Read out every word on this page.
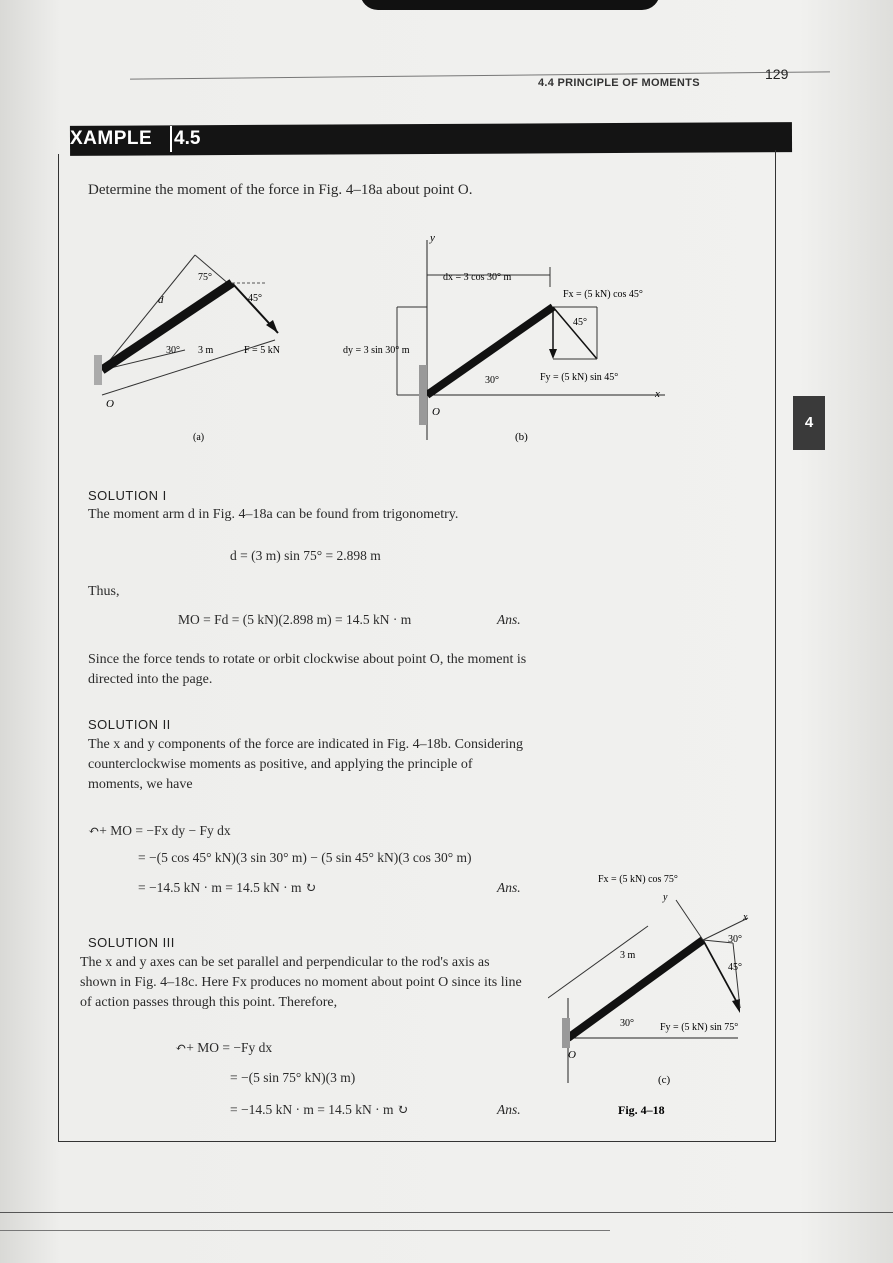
4.4 PRINCIPLE OF MOMENTS
129
XAMPLE 4.5
Determine the moment of the force in Fig. 4–18a about point O.
75°
45°
30° 3 m	F = 5 kN
d
O
(a)
y
x
O
dx = 3 cos 30° m
dy = 3 sin 30° m
Fx = (5 kN) cos 45°
Fy = (5 kN) sin 45°
45°
30°
(b)
4
SOLUTION I
The moment arm d in Fig. 4–18a can be found from trigonometry.
d = (3 m) sin 75° = 2.898 m
Thus,
MO = Fd = (5 kN)(2.898 m) = 14.5 kN · m	Ans.
Since the force tends to rotate or orbit clockwise about point O, the moment is directed into the page.
SOLUTION II
The x and y components of the force are indicated in Fig. 4–18b. Considering counterclockwise moments as positive, and applying the principle of moments, we have
↶+ MO = −Fx dy − Fy dx
= −(5 cos 45° kN)(3 sin 30° m) − (5 sin 45° kN)(3 cos 30° m)
= −14.5 kN · m = 14.5 kN · m ↻	Ans.
SOLUTION III
The x and y axes can be set parallel and perpendicular to the rod's axis as shown in Fig. 4–18c. Here Fx produces no moment about point O since its line of action passes through this point. Therefore,
↶+ MO = −Fy dx
= −(5 sin 75° kN)(3 m)
= −14.5 kN · m = 14.5 kN · m ↻	Ans.
Fx = (5 kN) cos 75°
y
x
3 m
30°
45°
30°	Fy = (5 kN) sin 75°
O
(c)
Fig. 4–18
